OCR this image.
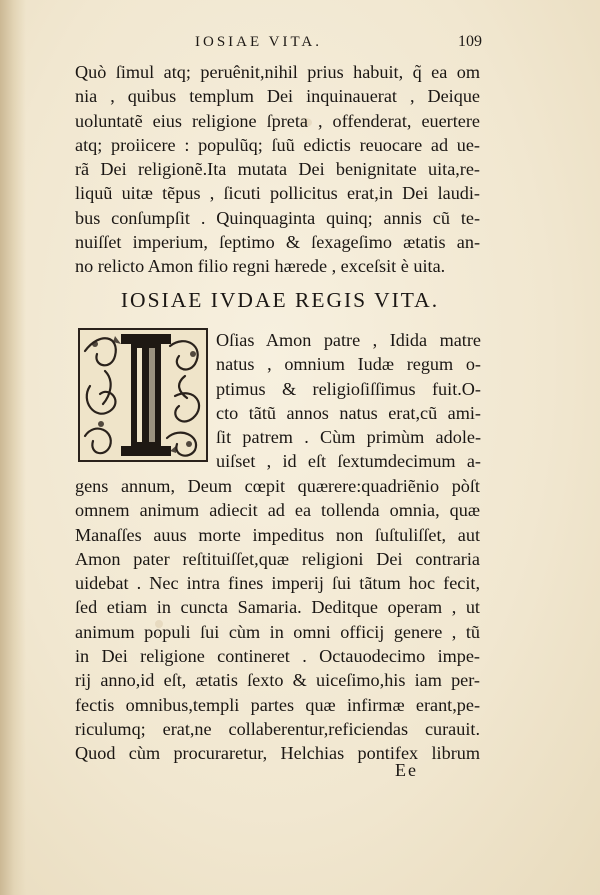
IOSIAE VITA.	109
Quò ſimul atq; peruênit,nihil prius habuit, q̃ ea om
nia , quibus templum Dei inquinauerat , Deique
uoluntatẽ eius religione ſpreta , offenderat, euertere
atq; proiicere : populũq; ſuũ edictis reuocare ad ue-
rã Dei religionẽ.Ita mutata Dei benignitate uita,re-
liquũ uitæ tẽpus , ſicuti pollicitus erat,in Dei laudi-
bus conſumpſit . Quinquaginta quinq; annis cũ te-
nuiſſet imperium, ſeptimo & ſexageſimo ætatis an-
no relicto Amon filio regni hærede , exceſsit è uita.
IOSIAE IVDAE REGIS VITA.
I
Oſias Amon patre , Idida matre
natus , omnium Iudæ regum o-
ptimus & religioſiſſimus fuit.O-
cto tãtũ annos natus erat,cũ ami-
ſit patrem . Cùm primùm adole-
uiſset , id eſt ſextumdecimum a-
gens annum, Deum cœpit quærere:quadriẽnio pòſt
omnem animum adiecit ad ea tollenda omnia, quæ
Manaſſes auus morte impeditus non ſuſtuliſſet, aut
Amon pater reſtituiſſet,quæ religioni Dei contraria
uidebat . Nec intra fines imperij ſui tãtum hoc fecit,
ſed etiam in cuncta Samaria. Deditque operam , ut
animum populi ſui cùm in omni officij genere , tũ
in Dei religione contineret . Octauodecimo impe-
rij anno,id eſt, ætatis ſexto & uiceſimo,his iam per-
fectis omnibus,templi partes quæ infirmæ erant,pe-
riculumq; erat,ne collaberentur,reficiendas curauit.
Quod cùm procuraretur, Helchias pontifex librum
Ee
